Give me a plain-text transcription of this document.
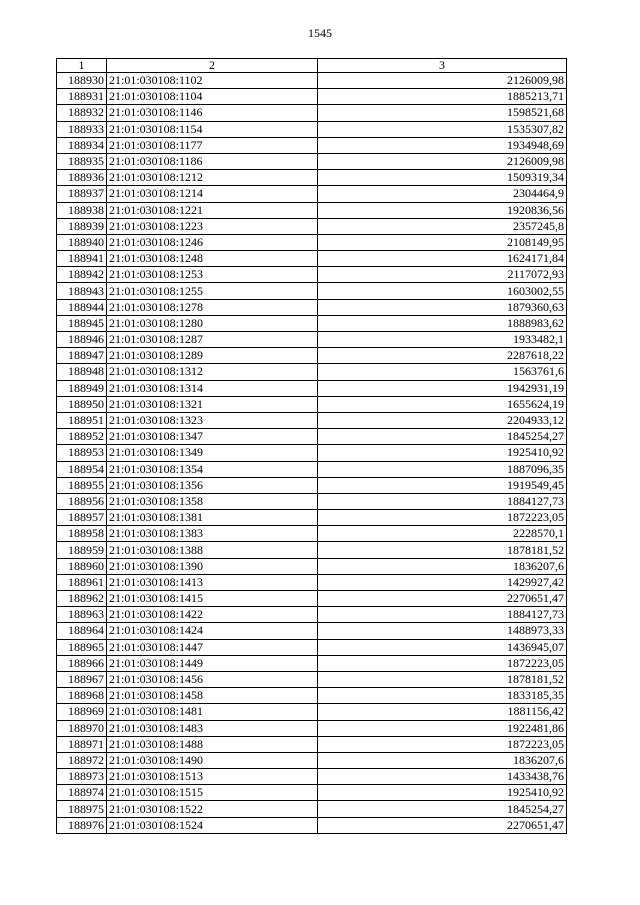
1545
1	2	3
188930	21:01:030108:1102	2126009,98
188931	21:01:030108:1104	1885213,71
188932	21:01:030108:1146	1598521,68
188933	21:01:030108:1154	1535307,82
188934	21:01:030108:1177	1934948,69
188935	21:01:030108:1186	2126009,98
188936	21:01:030108:1212	1509319,34
188937	21:01:030108:1214	2304464,9
188938	21:01:030108:1221	1920836,56
188939	21:01:030108:1223	2357245,8
188940	21:01:030108:1246	2108149,95
188941	21:01:030108:1248	1624171,84
188942	21:01:030108:1253	2117072,93
188943	21:01:030108:1255	1603002,55
188944	21:01:030108:1278	1879360,63
188945	21:01:030108:1280	1888983,62
188946	21:01:030108:1287	1933482,1
188947	21:01:030108:1289	2287618,22
188948	21:01:030108:1312	1563761,6
188949	21:01:030108:1314	1942931,19
188950	21:01:030108:1321	1655624,19
188951	21:01:030108:1323	2204933,12
188952	21:01:030108:1347	1845254,27
188953	21:01:030108:1349	1925410,92
188954	21:01:030108:1354	1887096,35
188955	21:01:030108:1356	1919549,45
188956	21:01:030108:1358	1884127,73
188957	21:01:030108:1381	1872223,05
188958	21:01:030108:1383	2228570,1
188959	21:01:030108:1388	1878181,52
188960	21:01:030108:1390	1836207,6
188961	21:01:030108:1413	1429927,42
188962	21:01:030108:1415	2270651,47
188963	21:01:030108:1422	1884127,73
188964	21:01:030108:1424	1488973,33
188965	21:01:030108:1447	1436945,07
188966	21:01:030108:1449	1872223,05
188967	21:01:030108:1456	1878181,52
188968	21:01:030108:1458	1833185,35
188969	21:01:030108:1481	1881156,42
188970	21:01:030108:1483	1922481,86
188971	21:01:030108:1488	1872223,05
188972	21:01:030108:1490	1836207,6
188973	21:01:030108:1513	1433438,76
188974	21:01:030108:1515	1925410,92
188975	21:01:030108:1522	1845254,27
188976	21:01:030108:1524	2270651,47
